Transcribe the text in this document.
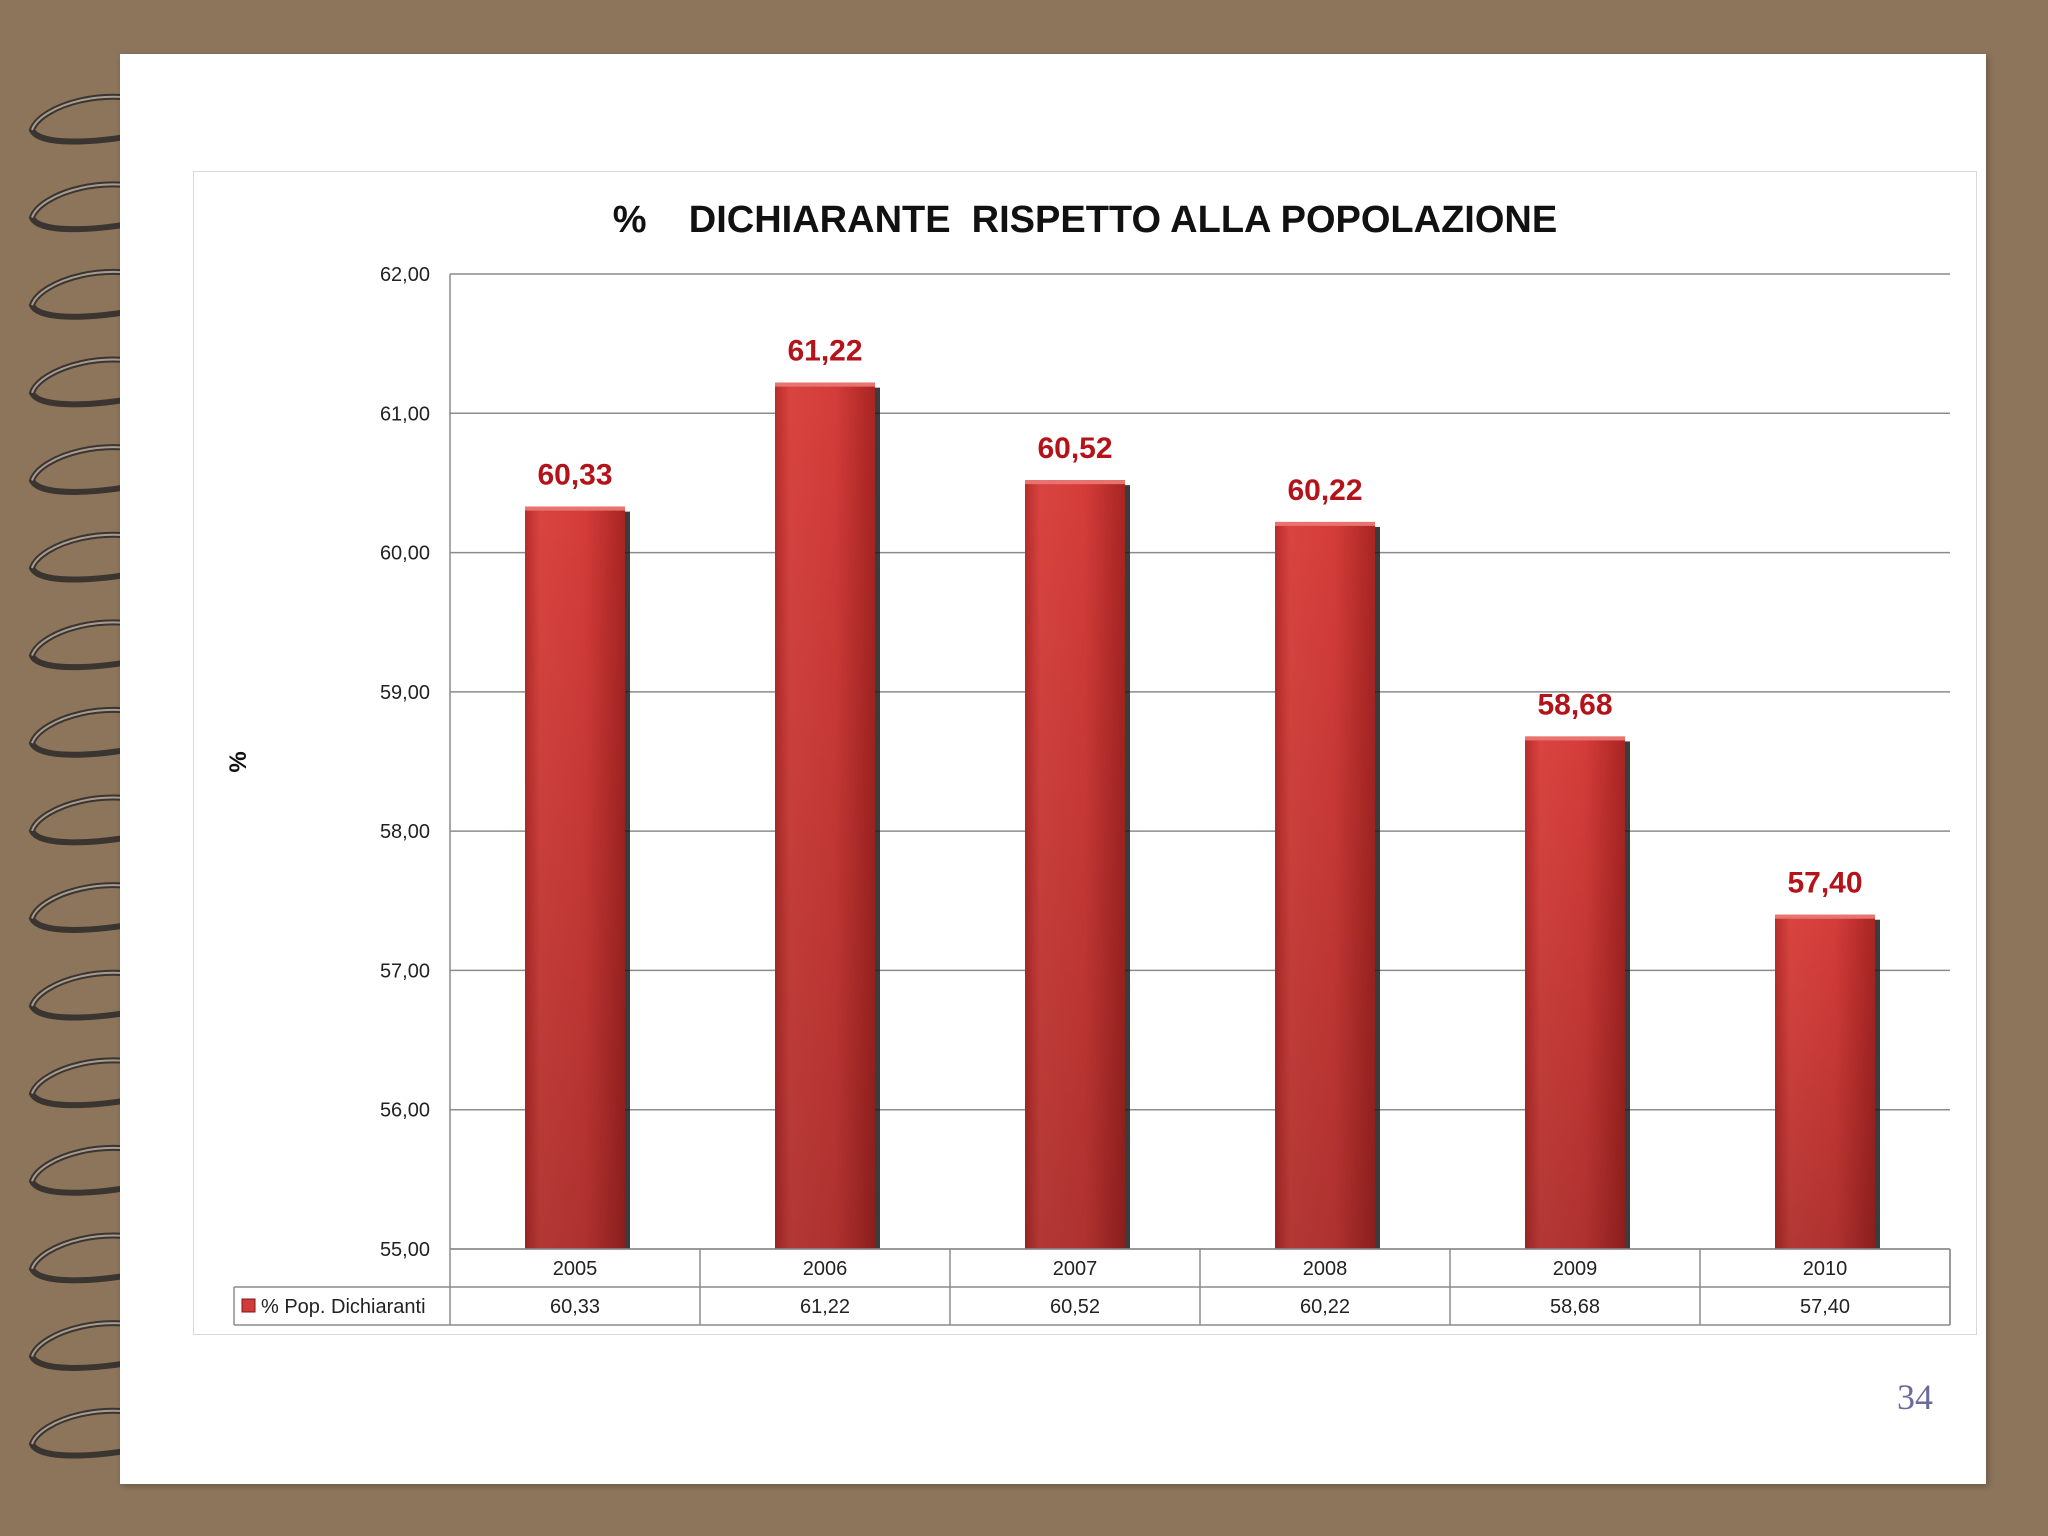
%    DICHIARANTE  RISPETTO ALLA POPOLAZIONE
%
62,00
61,00
60,00
59,00
58,00
57,00
56,00
55,00
60,33
61,22
60,52
60,22
58,68
57,40
2005
60,33
2006
61,22
2007
60,52
2008
60,22
2009
58,68
2010
57,40
% Pop. Dichiaranti
34
